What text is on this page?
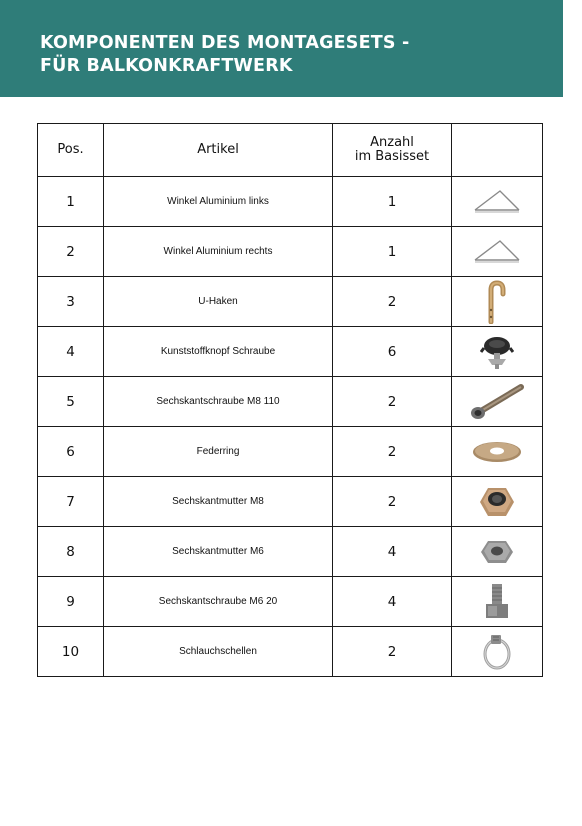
KOMPONENTEN DES MONTAGESETS -
FÜR BALKONKRAFTWERK
Pos.	Artikel	Anzahl
im Basisset	

1	Winkel Aluminium links	1	

2	Winkel Aluminium rechts	1	

3	U-Haken	2	

4	Kunststoffknopf Schraube	6	

5	Sechskantschraube M8 110	2	

6	Federring	2	

7	Sechskantmutter M8	2	

8	Sechskantmutter M6	4	

9	Sechskantschraube M6 20	4	

10	Schlauchschellen	2	
